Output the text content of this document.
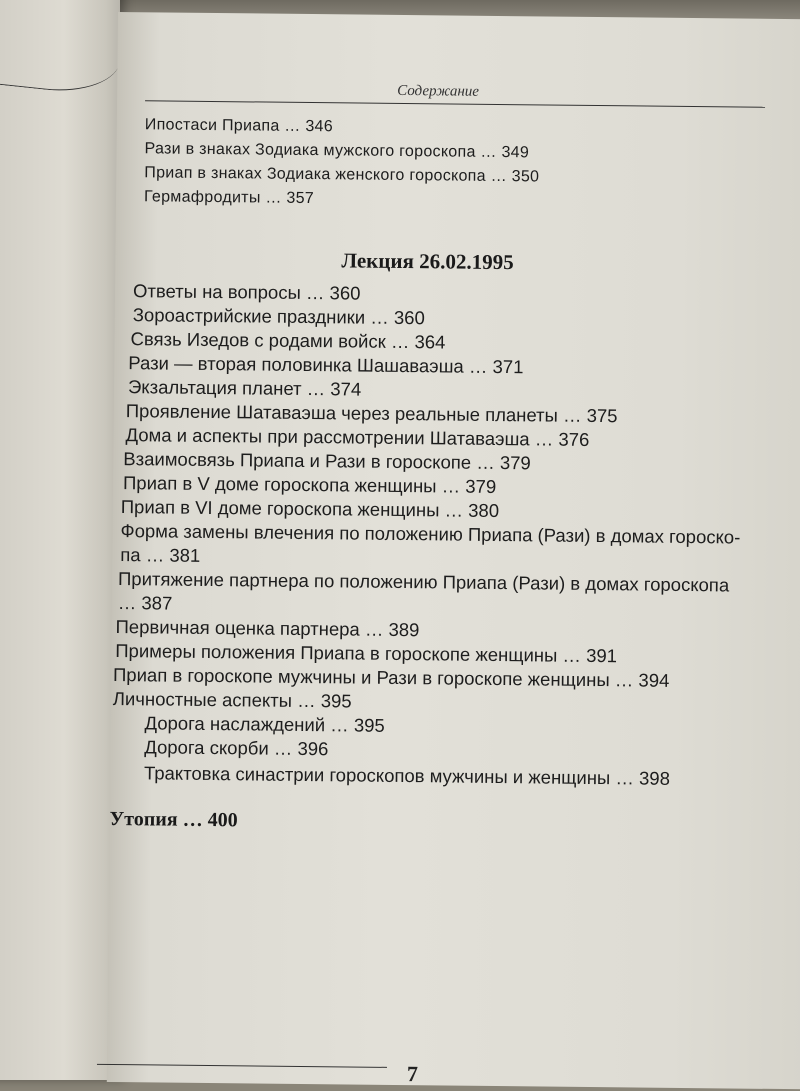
Содержание
Ипостаси Приапа … 346
Рази в знаках Зодиака мужского гороскопа … 349
Приап в знаках Зодиака женского гороскопа … 350
Гермафродиты … 357
Лекция 26.02.1995
Ответы на вопросы … 360
Зороастрийские праздники … 360
Связь Изедов с родами войск … 364
Рази — вторая половинка Шашаваэша … 371
Экзальтация планет … 374
Проявление Шатаваэша через реальные планеты … 375
Дома и аспекты при рассмотрении Шатаваэша … 376
Взаимосвязь Приапа и Рази в гороскопе … 379
Приап в V доме гороскопа женщины … 379
Приап в VI доме гороскопа женщины … 380
Форма замены влечения по положению Приапа (Рази) в домах гороско-
па … 381
Притяжение партнера по положению Приапа (Рази) в домах гороскопа
… 387
Первичная оценка партнера … 389
Примеры положения Приапа в гороскопе женщины … 391
Приап в гороскопе мужчины и Рази в гороскопе женщины … 394
Личностные аспекты … 395
Дорога наслаждений … 395
Дорога скорби … 396
Трактовка синастрии гороскопов мужчины и женщины … 398
Утопия … 400
7
